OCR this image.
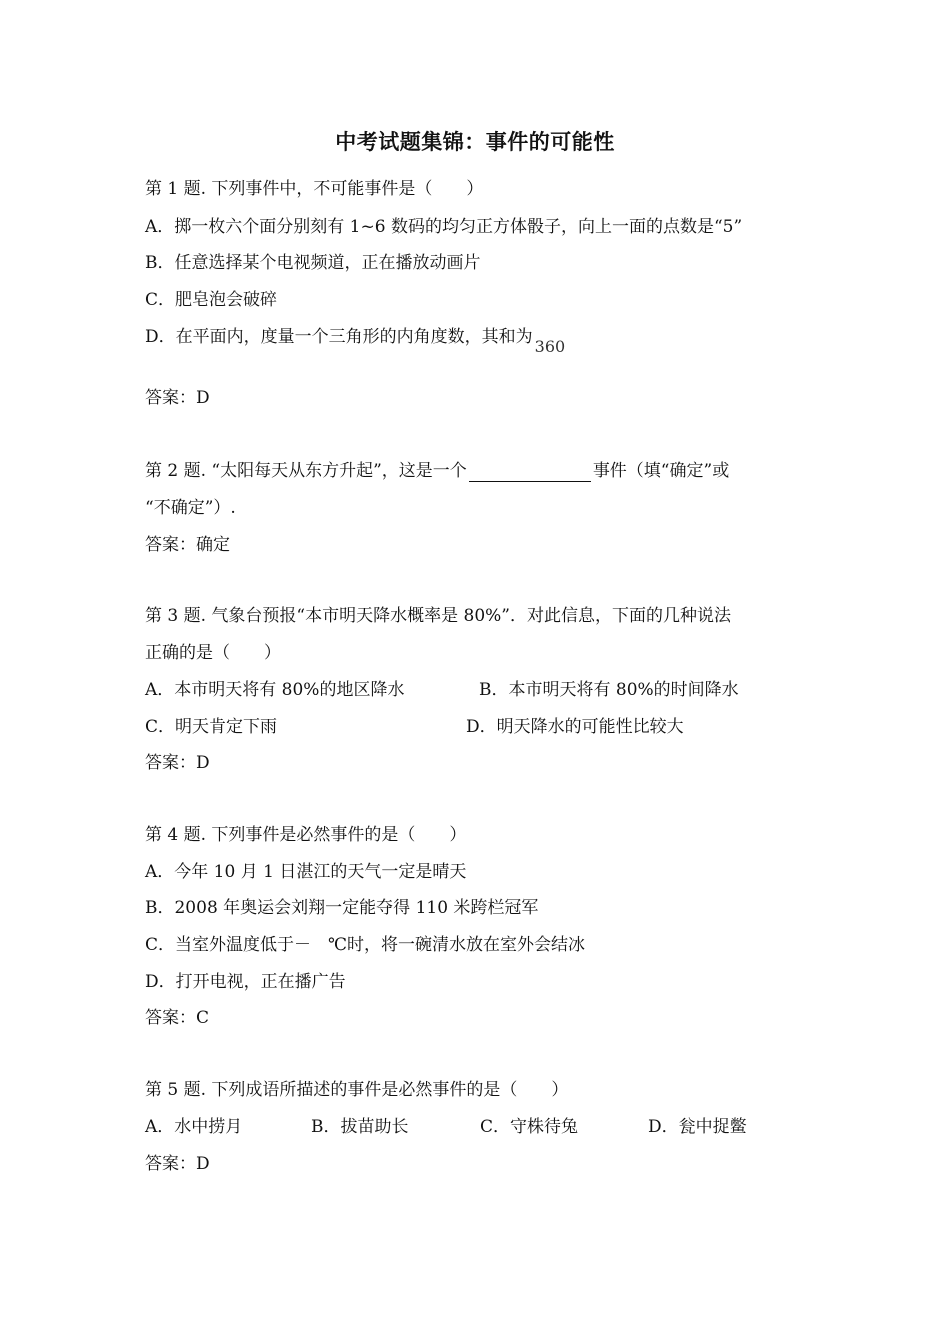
中考试题集锦：事件的可能性
第 1 题. 下列事件中，不可能事件是（　　）
A．掷一枚六个面分别刻有 1~6 数码的均匀正方体骰子，向上一面的点数是“5”
B．任意选择某个电视频道，正在播放动画片
C．肥皂泡会破碎
D．在平面内，度量一个三角形的内角度数，其和为 360
答案：D
第 2 题. “太阳每天从东方升起”，这是一个	事件（填“确定”或
“不确定”）.
答案：确定
第 3 题. 气象台预报“本市明天降水概率是 80%”．对此信息，下面的几种说法
正确的是（　　）
A．本市明天将有 80%的地区降水	B．本市明天将有 80%的时间降水
C．明天肯定下雨	D．明天降水的可能性比较大
答案：D
第 4 题. 下列事件是必然事件的是（　　）
A．今年 10 月 1 日湛江的天气一定是晴天
B．2008 年奥运会刘翔一定能夺得 110 米跨栏冠军
C．当室外温度低于－　℃时，将一碗清水放在室外会结冰
D．打开电视，正在播广告
答案：C
第 5 题. 下列成语所描述的事件是必然事件的是（　　）
A．水中捞月	B．拔苗助长	C．守株待兔	D．瓮中捉鳖
答案：D
